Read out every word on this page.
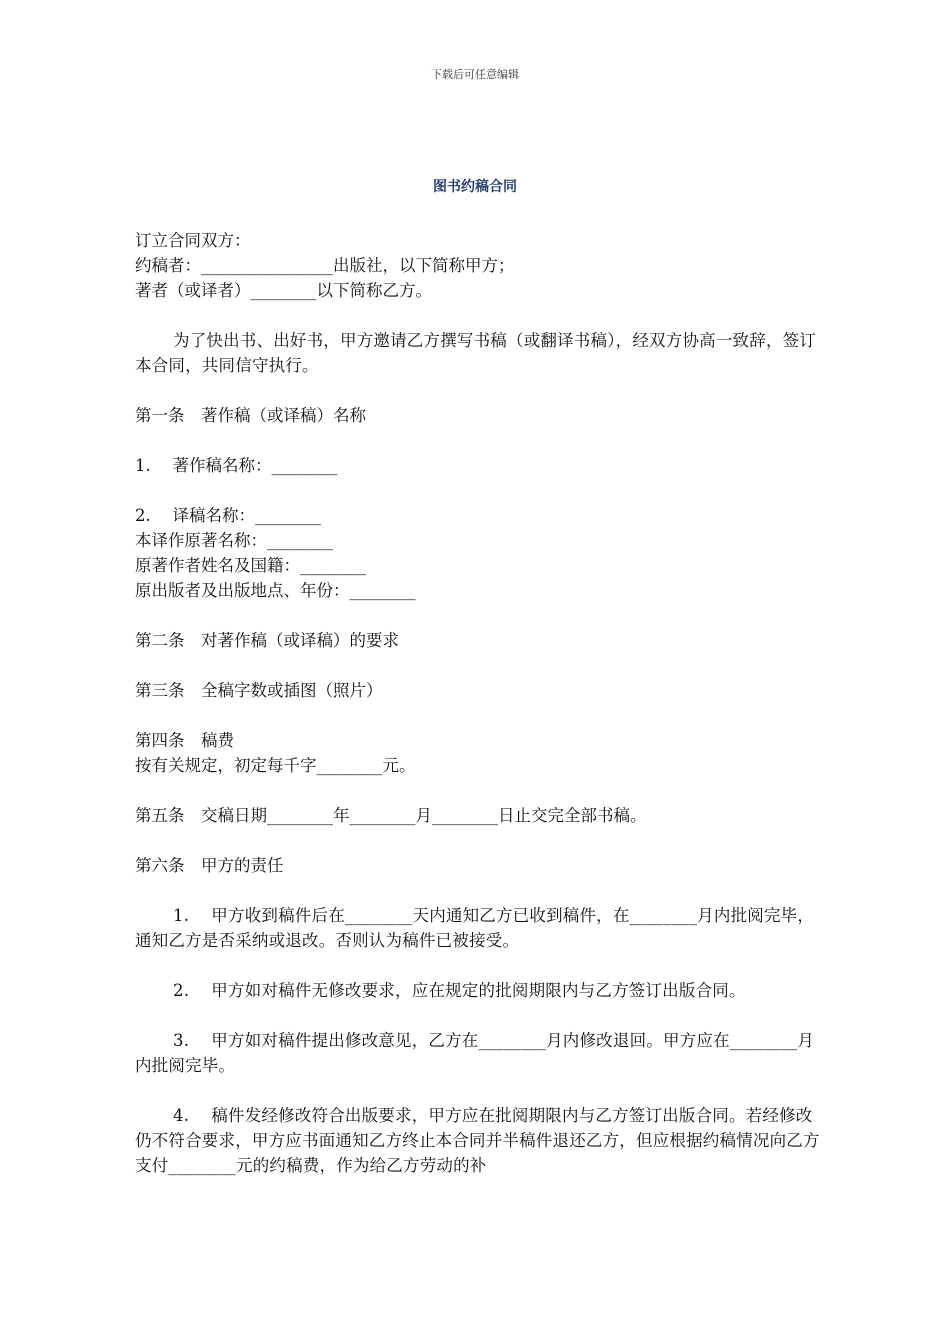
下载后可任意编辑
图书约稿合同
订立合同双方：
约稿者：________________出版社，以下简称甲方；
著者（或译者）________以下简称乙方。
为了快出书、出好书，甲方邀请乙方撰写书稿（或翻译书稿），经双方协高一致辞，签订本合同，共同信守执行。
第一条　著作稿（或译稿）名称
1.　 著作稿名称：________
2.　 译稿名称：________
本译作原著名称：________
原著作者姓名及国籍：________
原出版者及出版地点、年份：________
第二条　对著作稿（或译稿）的要求
第三条　全稿字数或插图（照片）
第四条　稿费
按有关规定，初定每千字________元。
第五条　交稿日期________年________月________日止交完全部书稿。
第六条　甲方的责任
1.　 甲方收到稿件后在________天内通知乙方已收到稿件，在________月内批阅完毕，通知乙方是否采纳或退改。否则认为稿件已被接受。
2.　 甲方如对稿件无修改要求，应在规定的批阅期限内与乙方签订出版合同。
3.　 甲方如对稿件提出修改意见，乙方在________月内修改退回。甲方应在________月内批阅完毕。
4.　 稿件发经修改符合出版要求，甲方应在批阅期限内与乙方签订出版合同。若经修改仍不符合要求，甲方应书面通知乙方终止本合同并半稿件退还乙方，但应根据约稿情况向乙方支付________元的约稿费，作为给乙方劳动的补
